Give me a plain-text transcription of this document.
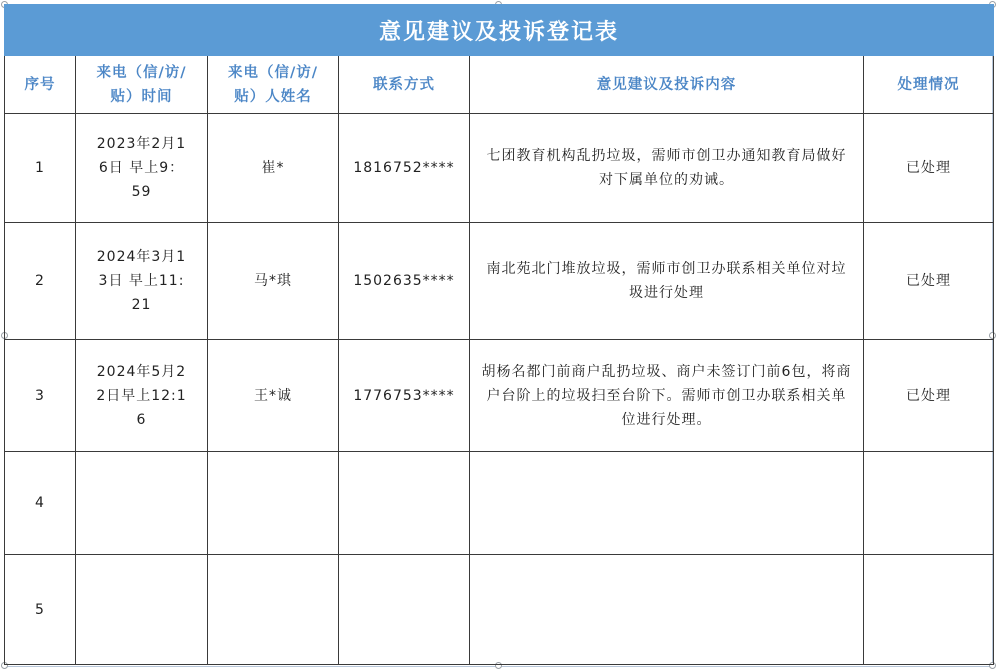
意见建议及投诉登记表					
序号	来电（信/访/贴）时间	来电（信/访/贴）人姓名	联系方式	意见建议及投诉内容	处理情况
1	2023年2月16日 早上9：59	崔*	1816752****	七团教育机构乱扔垃圾，需师市创卫办通知教育局做好对下属单位的劝诫。	已处理
2	2024年3月13日 早上11:21	马*琪	1502635****	南北苑北门堆放垃圾，需师市创卫办联系相关单位对垃圾进行处理	已处理
3	2024年5月22日早上12:16	王*诚	1776753****	胡杨名都门前商户乱扔垃圾、商户未签订门前6包，将商户台阶上的垃圾扫至台阶下。需师市创卫办联系相关单位进行处理。	已处理
4					
5					
